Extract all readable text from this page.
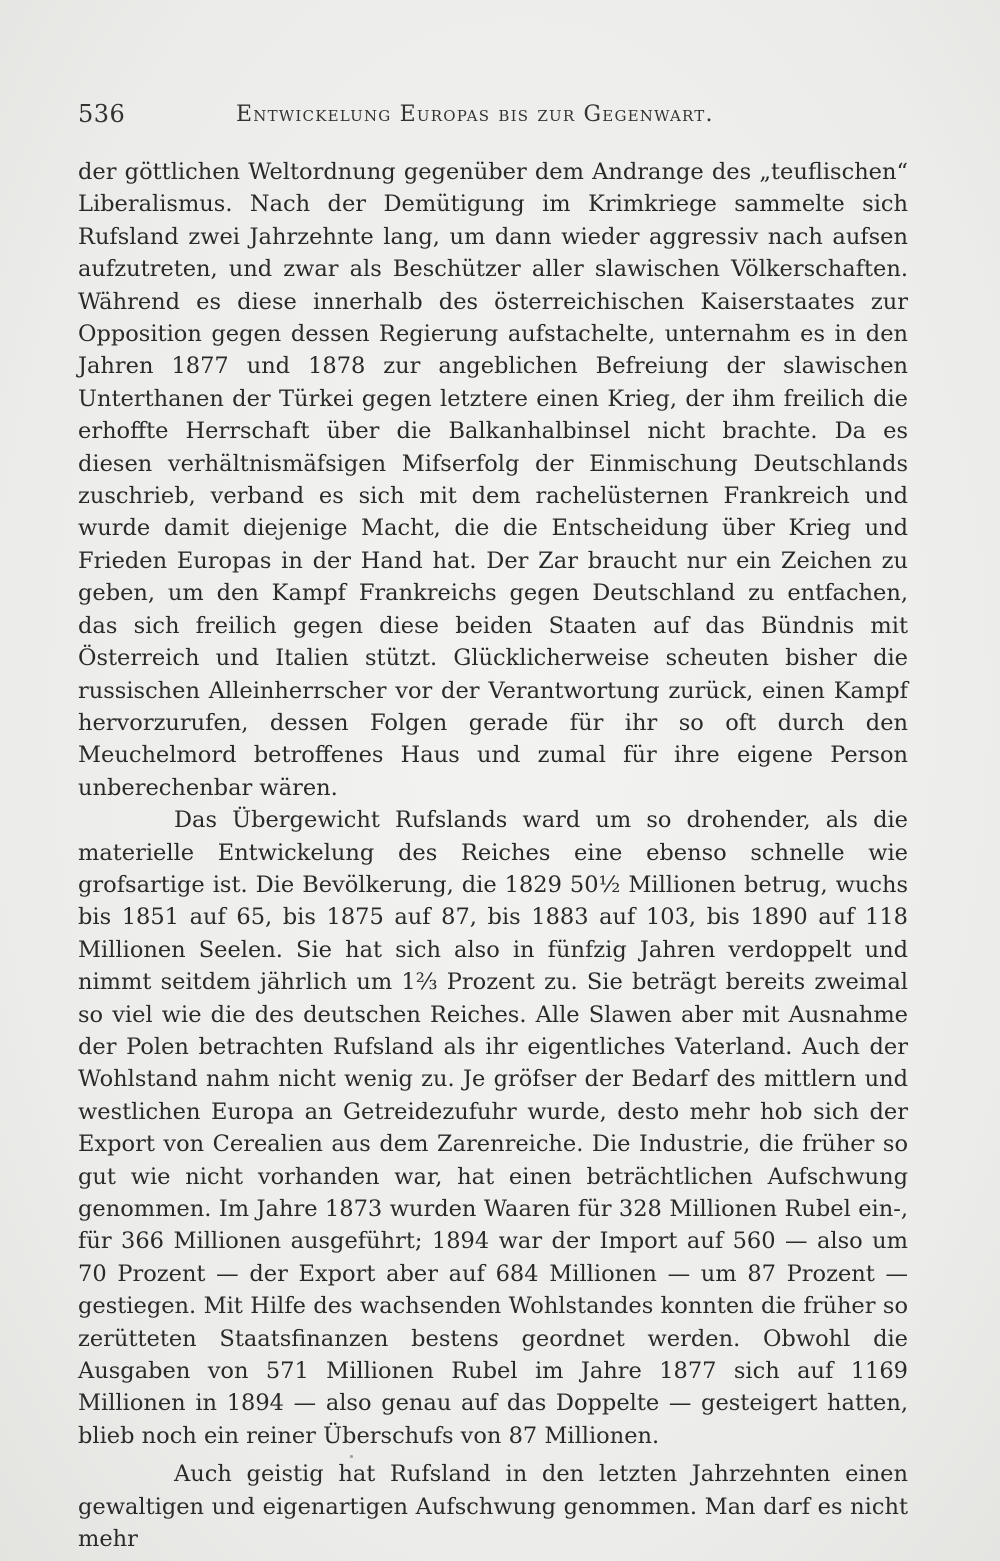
536	Entwickelung Europas bis zur Gegenwart.

der göttlichen Weltordnung gegenüber dem Andrange des „teuflischen“ Liberalismus. Nach der Demütigung im Krimkriege sammelte sich Rufsland zwei Jahrzehnte lang, um dann wieder aggressiv nach aufsen aufzutreten, und zwar als Beschützer aller slawischen Völkerschaften. Während es diese innerhalb des österreichischen Kaiserstaates zur Opposition gegen dessen Regierung aufstachelte, unternahm es in den Jahren 1877 und 1878 zur angeblichen Befreiung der slawischen Unterthanen der Türkei gegen letztere einen Krieg, der ihm freilich die erhoffte Herrschaft über die Balkanhalbinsel nicht brachte. Da es diesen verhältnismäfsigen Mifserfolg der Einmischung Deutschlands zuschrieb, verband es sich mit dem rachelüsternen Frankreich und wurde damit diejenige Macht, die die Entscheidung über Krieg und Frieden Europas in der Hand hat. Der Zar braucht nur ein Zeichen zu geben, um den Kampf Frankreichs gegen Deutschland zu entfachen, das sich freilich gegen diese beiden Staaten auf das Bündnis mit Österreich und Italien stützt. Glücklicherweise scheuten bisher die russischen Alleinherrscher vor der Verantwortung zurück, einen Kampf hervorzurufen, dessen Folgen gerade für ihr so oft durch den Meuchelmord betroffenes Haus und zumal für ihre eigene Person unberechenbar wären.

Das Übergewicht Rufslands ward um so drohender, als die materielle Entwickelung des Reiches eine ebenso schnelle wie grofsartige ist. Die Bevölkerung, die 1829 50½ Millionen betrug, wuchs bis 1851 auf 65, bis 1875 auf 87, bis 1883 auf 103, bis 1890 auf 118 Millionen Seelen. Sie hat sich also in fünfzig Jahren verdoppelt und nimmt seitdem jährlich um 1⅔ Prozent zu. Sie beträgt bereits zweimal so viel wie die des deutschen Reiches. Alle Slawen aber mit Ausnahme der Polen betrachten Rufsland als ihr eigentliches Vaterland. Auch der Wohlstand nahm nicht wenig zu. Je gröfser der Bedarf des mittlern und westlichen Europa an Getreidezufuhr wurde, desto mehr hob sich der Export von Cerealien aus dem Zarenreiche. Die Industrie, die früher so gut wie nicht vorhanden war, hat einen beträchtlichen Aufschwung genommen. Im Jahre 1873 wurden Waaren für 328 Millionen Rubel ein-, für 366 Millionen ausgeführt; 1894 war der Import auf 560 — also um 70 Prozent — der Export aber auf 684 Millionen — um 87 Prozent — gestiegen. Mit Hilfe des wachsenden Wohlstandes konnten die früher so zerütteten Staatsfinanzen bestens geordnet werden. Obwohl die Ausgaben von 571 Millionen Rubel im Jahre 1877 sich auf 1169 Millionen in 1894 — also genau auf das Doppelte — gesteigert hatten, blieb noch ein reiner Überschufs von 87 Millionen.

Auch geistig hat Rufsland in den letzten Jahrzehnten einen gewaltigen und eigenartigen Aufschwung genommen. Man darf es nicht mehr
